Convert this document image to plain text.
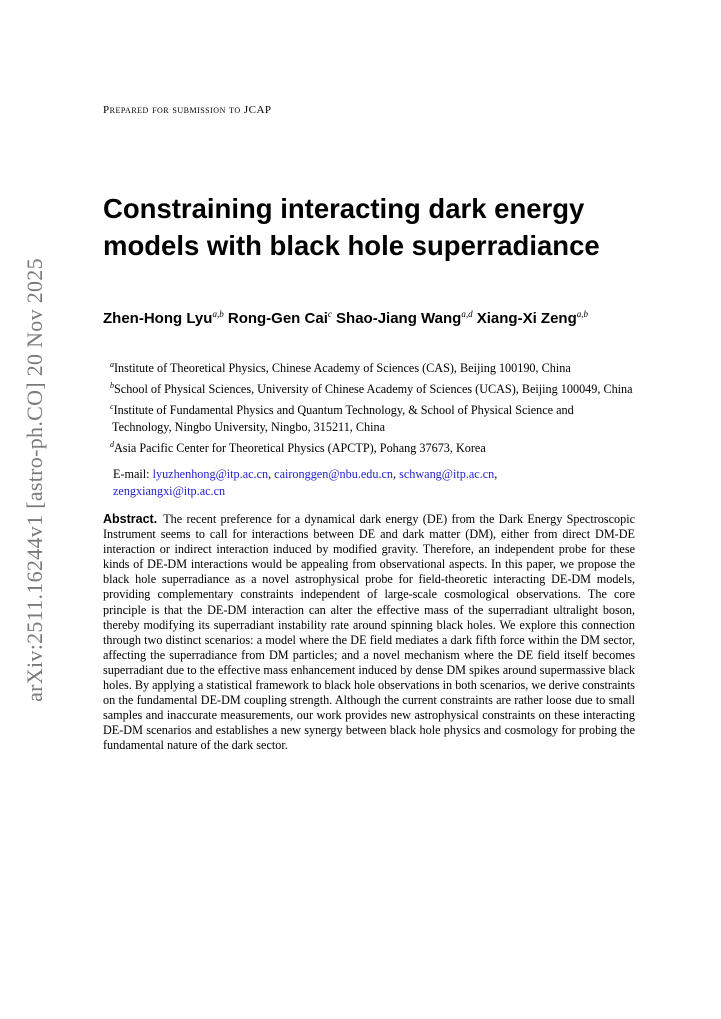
arXiv:2511.16244v1 [astro-ph.CO] 20 Nov 2025
Prepared for submission to JCAP
Constraining interacting dark energy
models with black hole superradiance

Zhen-Hong Lyu$^{a,b}$ Rong-Gen Cai$^c$ Shao-Jiang Wang$^{a,d}$ Xiang-Xi Zeng$^{a,b}$

$^a$Institute of Theoretical Physics, Chinese Academy of Sciences (CAS), Beijing 100190, China

$^b$School of Physical Sciences, University of Chinese Academy of Sciences (UCAS), Beijing 100049, China

$^c$Institute of Fundamental Physics and Quantum Technology, & School of Physical Science and Technology, Ningbo University, Ningbo, 315211, China

$^d$Asia Pacific Center for Theoretical Physics (APCTP), Pohang 37673, Korea

E-mail: lyuzhenhong@itp.ac.cn, caironggen@nbu.edu.cn, schwang@itp.ac.cn,
zengxiangxi@itp.ac.cn

Abstract. The recent preference for a dynamical dark energy (DE) from the Dark Energy Spectroscopic Instrument seems to call for interactions between DE and dark matter (DM), either from direct DM-DE interaction or indirect interaction induced by modified gravity. Therefore, an independent probe for these kinds of DE-DM interactions would be appealing from observational aspects. In this paper, we propose the black hole superradiance as a novel astrophysical probe for field-theoretic interacting DE-DM models, providing complementary constraints independent of large-scale cosmological observations. The core principle is that the DE-DM interaction can alter the effective mass of the superradiant ultralight boson, thereby modifying its superradiant instability rate around spinning black holes. We explore this connection through two distinct scenarios: a model where the DE field mediates a dark fifth force within the DM sector, affecting the superradiance from DM particles; and a novel mechanism where the DE field itself becomes superradiant due to the effective mass enhancement induced by dense DM spikes around supermassive black holes. By applying a statistical framework to black hole observations in both scenarios, we derive constraints on the fundamental DE-DM coupling strength. Although the current constraints are rather loose due to small samples and inaccurate measurements, our work provides new astrophysical constraints on these interacting DE-DM scenarios and establishes a new synergy between black hole physics and cosmology for probing the fundamental nature of the dark sector.
